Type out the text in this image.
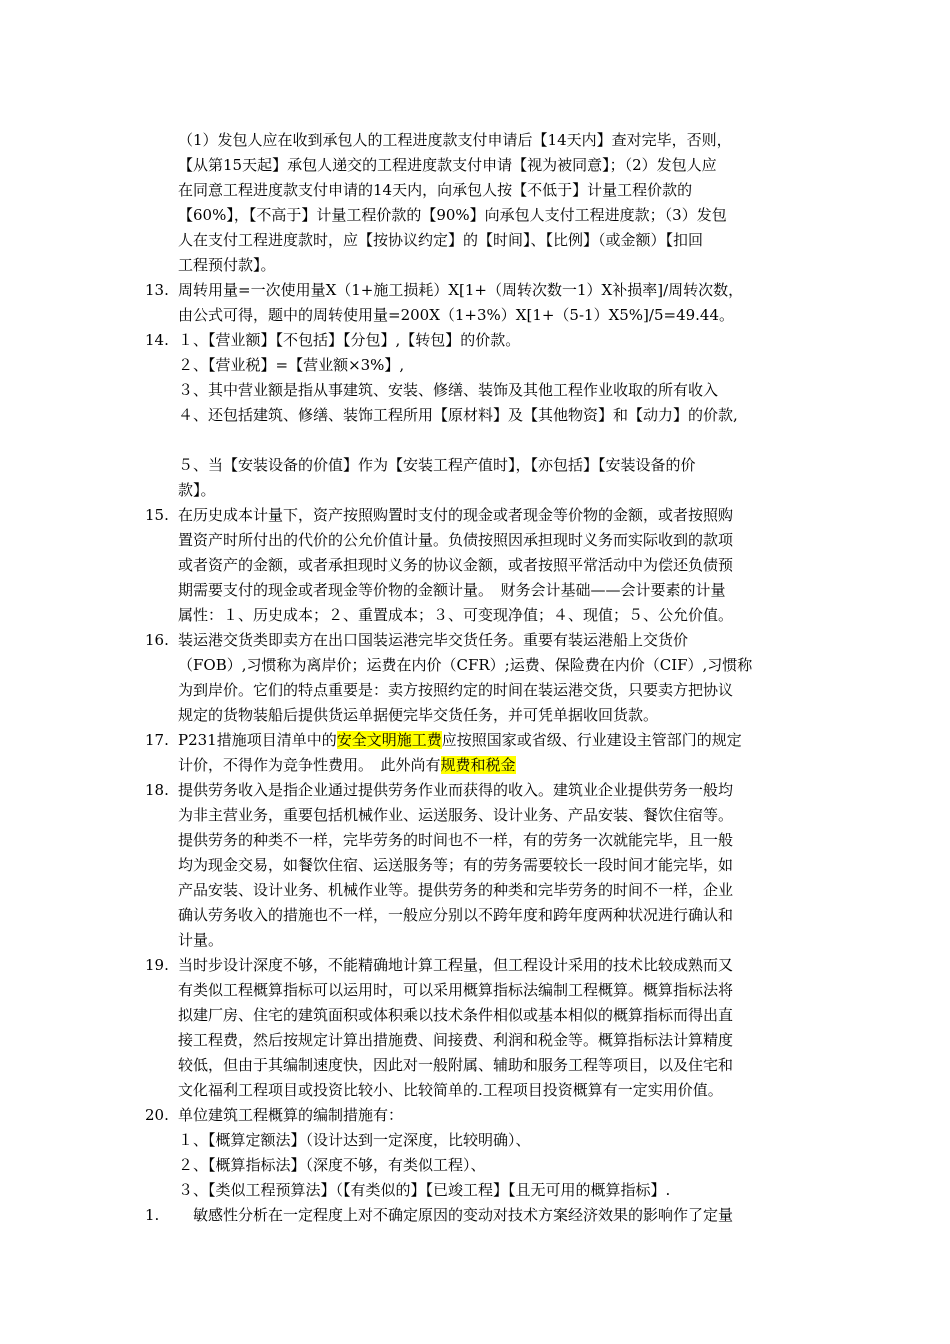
（1）发包人应在收到承包人的工程进度款支付申请后【14天内】查对完毕，否则，
【从第15天起】承包人递交的工程进度款支付申请【视为被同意】；（2）发包人应
在同意工程进度款支付申请的14天内，向承包人按【不低于】计量工程价款的
【60%】，【不高于】计量工程价款的【90%】向承包人支付工程进度款；（3）发包
人在支付工程进度款时，应【按协议约定】的【时间】、【比例】（或金额）【扣回
工程预付款】。
13. 周转用量=一次使用量X（1+施工损耗）X[1+（周转次数一1）X补损率]/周转次数，
由公式可得，题中的周转使用量=200X（1+3%）X[1+（5-1）X5%]/5=49.44。
14. １、【营业额】【不包括】【分包】,【转包】的价款。
２、【营业税】=【营业额×3%】,
３、其中营业额是指从事建筑、安装、修缮、装饰及其他工程作业收取的所有收入
４、还包括建筑、修缮、装饰工程所用【原材料】及【其他物资】和【动力】的价款,
５、当【安装设备的价值】作为【安装工程产值时】，【亦包括】【安装设备的价
款】。
15. 在历史成本计量下，资产按照购置时支付的现金或者现金等价物的金额，或者按照购
置资产时所付出的代价的公允价值计量。负债按照因承担现时义务而实际收到的款项
或者资产的金额，或者承担现时义务的协议金额，或者按照平常活动中为偿还负债预
期需要支付的现金或者现金等价物的金额计量。　财务会计基础——会计要素的计量
属性：１、历史成本；２、重置成本；３、可变现净值；４、现值；５、公允价值。
16. 装运港交货类即卖方在出口国装运港完毕交货任务。重要有装运港船上交货价
（FOB）,习惯称为离岸价；运费在内价（CFR）;运费、保险费在内价（CIF）,习惯称
为到岸价。它们的特点重要是：卖方按照约定的时间在装运港交货，只要卖方把协议
规定的货物装船后提供货运单据便完毕交货任务，并可凭单据收回货款。
17. P231措施项目清单中的安全文明施工费应按照国家或省级、行业建设主管部门的规定
计价，不得作为竞争性费用。　此外尚有规费和税金
18. 提供劳务收入是指企业通过提供劳务作业而获得的收入。建筑业企业提供劳务一般均
为非主营业务，重要包括机械作业、运送服务、设计业务、产品安装、餐饮住宿等。
提供劳务的种类不一样，完毕劳务的时间也不一样，有的劳务一次就能完毕，且一般
均为现金交易，如餐饮住宿、运送服务等；有的劳务需要较长一段时间才能完毕，如
产品安装、设计业务、机械作业等。提供劳务的种类和完毕劳务的时间不一样，企业
确认劳务收入的措施也不一样，一般应分别以不跨年度和跨年度两种状况进行确认和
计量。
19. 当时步设计深度不够，不能精确地计算工程量，但工程设计采用的技术比较成熟而又
有类似工程概算指标可以运用时，可以采用概算指标法编制工程概算。概算指标法将
拟建厂房、住宅的建筑面积或体积乘以技术条件相似或基本相似的概算指标而得出直
接工程费，然后按规定计算出措施费、间接费、利润和税金等。概算指标法计算精度
较低，但由于其编制速度快，因此对一般附属、辅助和服务工程等项目，以及住宅和
文化福利工程项目或投资比较小、比较简单的.工程项目投资概算有一定实用价值。
20. 单位建筑工程概算的编制措施有：
１、【概算定额法】（设计达到一定深度，比较明确）、
２、【概算指标法】（深度不够，有类似工程）、
３、【类似工程预算法】（【有类似的】【已竣工程】【且无可用的概算指标】.
1. 敏感性分析在一定程度上对不确定原因的变动对技术方案经济效果的影响作了定量
